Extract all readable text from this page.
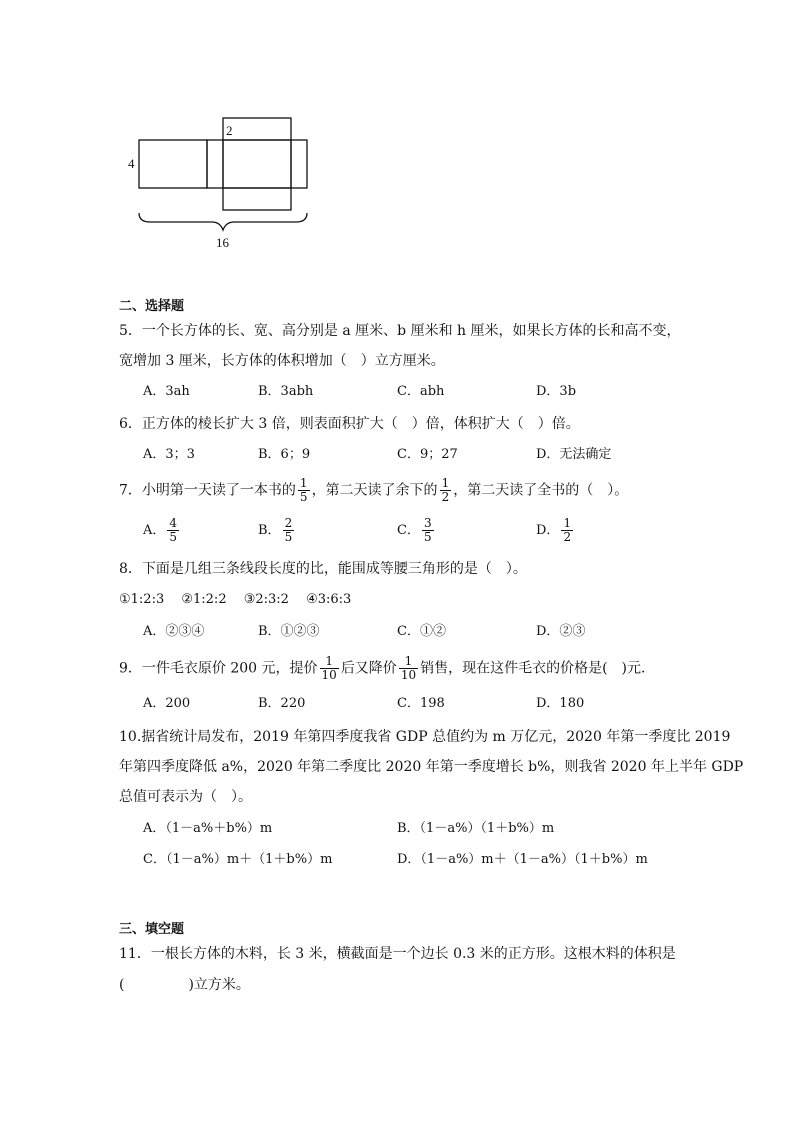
4
2
16
二、选择题
5．一个长方体的长、宽、高分别是 a 厘米、b 厘米和 h 厘米，如果长方体的长和高不变，
宽增加 3 厘米，长方体的体积增加（　）立方厘米。
A．3ah	B．3abh	C．abh	D．3b
6．正方体的棱长扩大 3 倍，则表面积扩大（　）倍，体积扩大（　）倍。
A．3；3	B．6；9	C．9；27	D．无法确定
7．小明第一天读了一本书的 $\frac{1}{5}$ ，第二天读了余下的 $\frac{1}{2}$ ，第二天读了全书的（　）。
A． $\frac{4}{5}$	B． $\frac{2}{5}$	C． $\frac{3}{5}$	D． $\frac{1}{2}$
8．下面是几组三条线段长度的比，能围成等腰三角形的是（　）。
①1:2:3　 ②1:2:2　 ③2:3:2　 ④3:6:3
A．②③④	B．①②③	C．①②	D．②③
9．一件毛衣原价 200 元，提价 $\frac{1}{10}$ 后又降价 $\frac{1}{10}$ 销售，现在这件毛衣的价格是(　)元．
A．200	B．220	C．198	D．180
10.据省统计局发布，2019 年第四季度我省 GDP 总值约为 m 万亿元，2020 年第一季度比 2019
年第四季度降低 a%，2020 年第二季度比 2020 年第一季度增长 b%，则我省 2020 年上半年 GDP
总值可表示为（　）。
A．（1－a%＋b%）m	B．（1－a%）（1＋b%）m
C．（1－a%）m＋（1＋b%）m	D．（1－a%）m＋（1－a%）（1＋b%）m
三、填空题
11．一根长方体的木料，长 3 米，横截面是一个边长 0.3 米的正方形。这根木料的体积是
(	)立方米。
